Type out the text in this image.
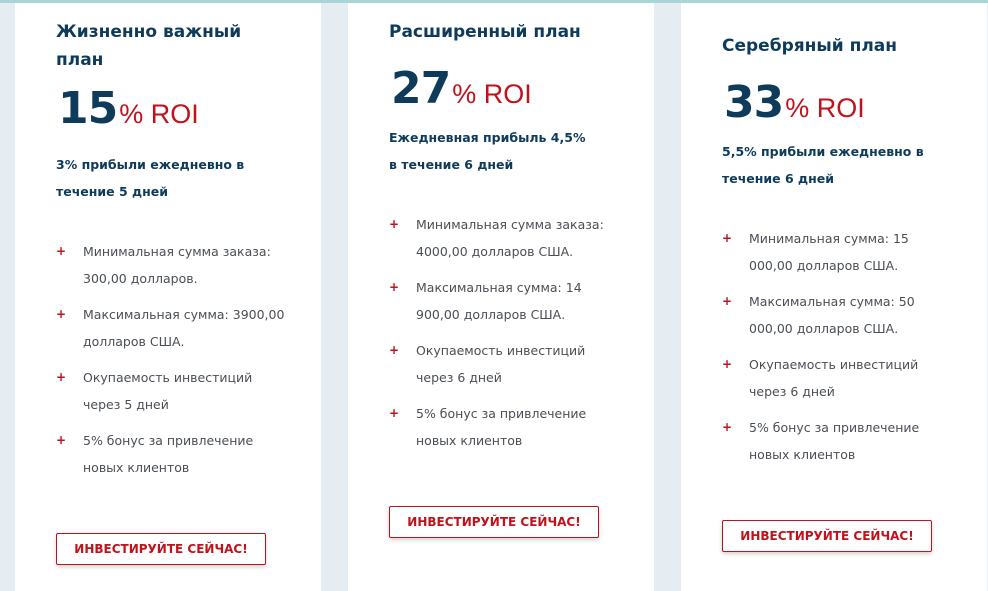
Жизненно важный план
15% ROI
3% прибыли ежедневно в течение 5 дней
+ Минимальная сумма заказа: 300,00 долларов.
+ Максимальная сумма: 3900,00 долларов США.
+ Окупаемость инвестиций через 5 дней
+ 5% бонус за привлечение новых клиентов
ИНВЕСТИРУЙТЕ СЕЙЧАС!
Расширенный план
27% ROI
Ежедневная прибыль 4,5% в течение 6 дней
+ Минимальная сумма заказа: 4000,00 долларов США.
+ Максимальная сумма: 14 900,00 долларов США.
+ Окупаемость инвестиций через 6 дней
+ 5% бонус за привлечение новых клиентов
ИНВЕСТИРУЙТЕ СЕЙЧАС!
Серебряный план
33% ROI
5,5% прибыли ежедневно в течение 6 дней
+ Минимальная сумма: 15 000,00 долларов США.
+ Максимальная сумма: 50 000,00 долларов США.
+ Окупаемость инвестиций через 6 дней
+ 5% бонус за привлечение новых клиентов
ИНВЕСТИРУЙТЕ СЕЙЧАС!
